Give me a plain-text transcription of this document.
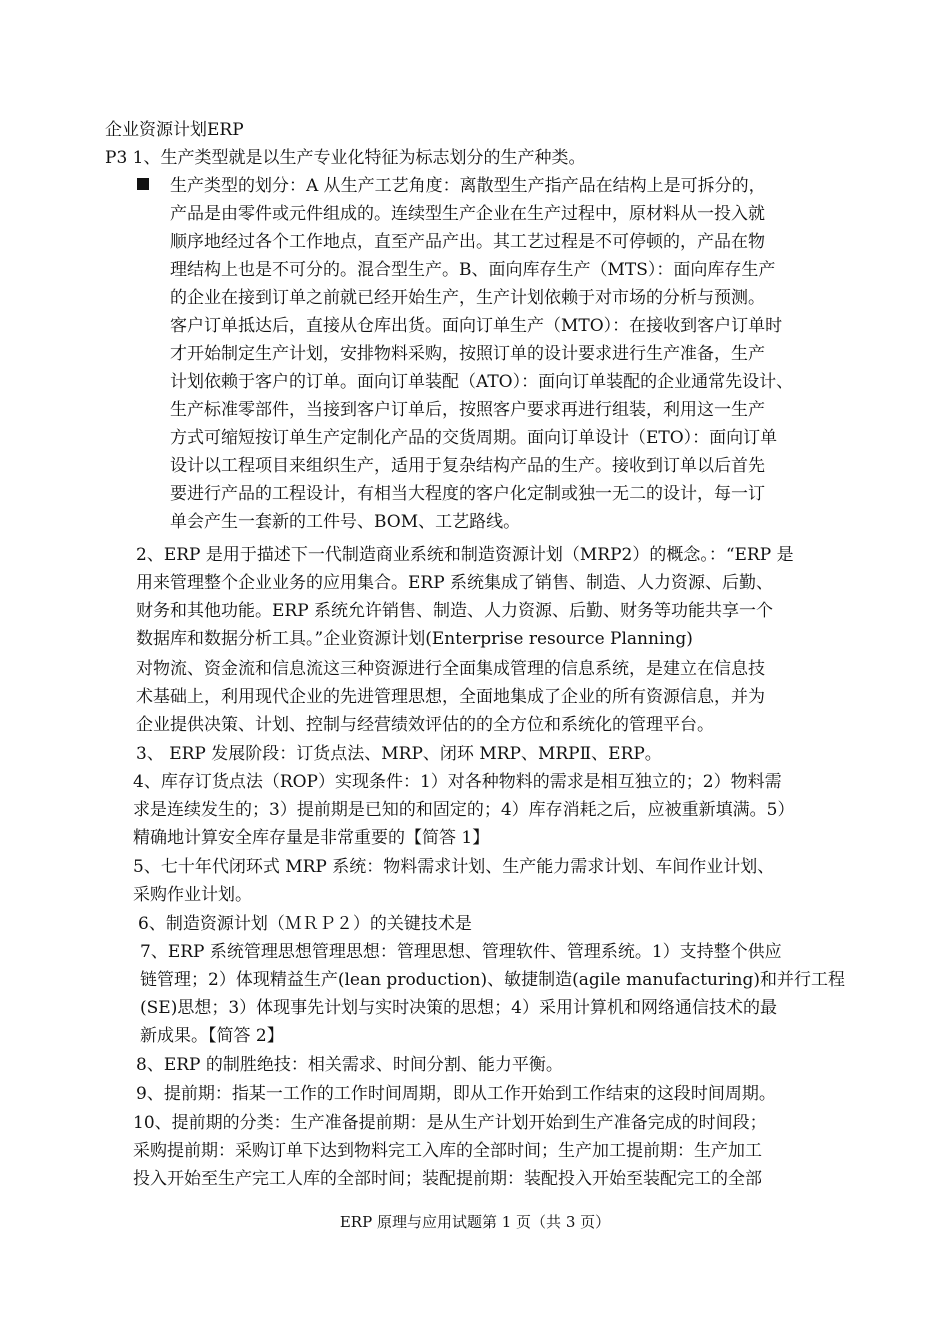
企业资源计划ERP
P3 1、生产类型就是以生产专业化特征为标志划分的生产种类。
生产类型的划分：A 从生产工艺角度：离散型生产指产品在结构上是可拆分的，
产品是由零件或元件组成的。连续型生产企业在生产过程中，原材料从一投入就
顺序地经过各个工作地点，直至产品产出。其工艺过程是不可停顿的，产品在物
理结构上也是不可分的。混合型生产。B、面向库存生产（MTS）：面向库存生产
的企业在接到订单之前就已经开始生产，生产计划依赖于对市场的分析与预测。
客户订单抵达后，直接从仓库出货。面向订单生产（MTO）：在接收到客户订单时
才开始制定生产计划，安排物料采购，按照订单的设计要求进行生产准备，生产
计划依赖于客户的订单。面向订单装配（ATO）：面向订单装配的企业通常先设计、
生产标准零部件，当接到客户订单后，按照客户要求再进行组装，利用这一生产
方式可缩短按订单生产定制化产品的交货周期。面向订单设计（ETO）：面向订单
设计以工程项目来组织生产，适用于复杂结构产品的生产。接收到订单以后首先
要进行产品的工程设计，有相当大程度的客户化定制或独一无二的设计，每一订
单会产生一套新的工件号、BOM、工艺路线。
2、ERP 是用于描述下一代制造商业系统和制造资源计划（MRP2）的概念。：“ERP 是
用来管理整个企业业务的应用集合。ERP 系统集成了销售、制造、人力资源、后勤、
财务和其他功能。ERP 系统允许销售、制造、人力资源、后勤、财务等功能共享一个
数据库和数据分析工具。”企业资源计划(Enterprise resource Planning)
对物流、资金流和信息流这三种资源进行全面集成管理的信息系统，是建立在信息技
术基础上，利用现代企业的先进管理思想，全面地集成了企业的所有资源信息，并为
企业提供决策、计划、控制与经营绩效评估的的全方位和系统化的管理平台。
3、 ERP 发展阶段：订货点法、MRP、闭环 MRP、MRPⅡ、ERP。
4、库存订货点法（ROP）实现条件：1）对各种物料的需求是相互独立的；2）物料需
求是连续发生的；3）提前期是已知的和固定的；4）库存消耗之后，应被重新填满。5）
精确地计算安全库存量是非常重要的【简答 1】
5、七十年代闭环式 MRP 系统：物料需求计划、生产能力需求计划、车间作业计划、
采购作业计划。
6、制造资源计划（ＭＲＰ２）的关键技术是
7、ERP 系统管理思想管理思想：管理思想、管理软件、管理系统。1）支持整个供应
链管理；2）体现精益生产(lean production)、敏捷制造(agile manufacturing)和并行工程
(SE)思想；3）体现事先计划与实时决策的思想；4）采用计算机和网络通信技术的最
新成果。【简答 2】
8、ERP 的制胜绝技：相关需求、时间分割、能力平衡。
9、提前期：指某一工作的工作时间周期，即从工作开始到工作结束的这段时间周期。
10、提前期的分类：生产准备提前期：是从生产计划开始到生产准备完成的时间段；
采购提前期：采购订单下达到物料完工入库的全部时间；生产加工提前期：生产加工
投入开始至生产完工人库的全部时间；装配提前期：装配投入开始至装配完工的全部
ERP 原理与应用试题第 1 页（共 3 页）
